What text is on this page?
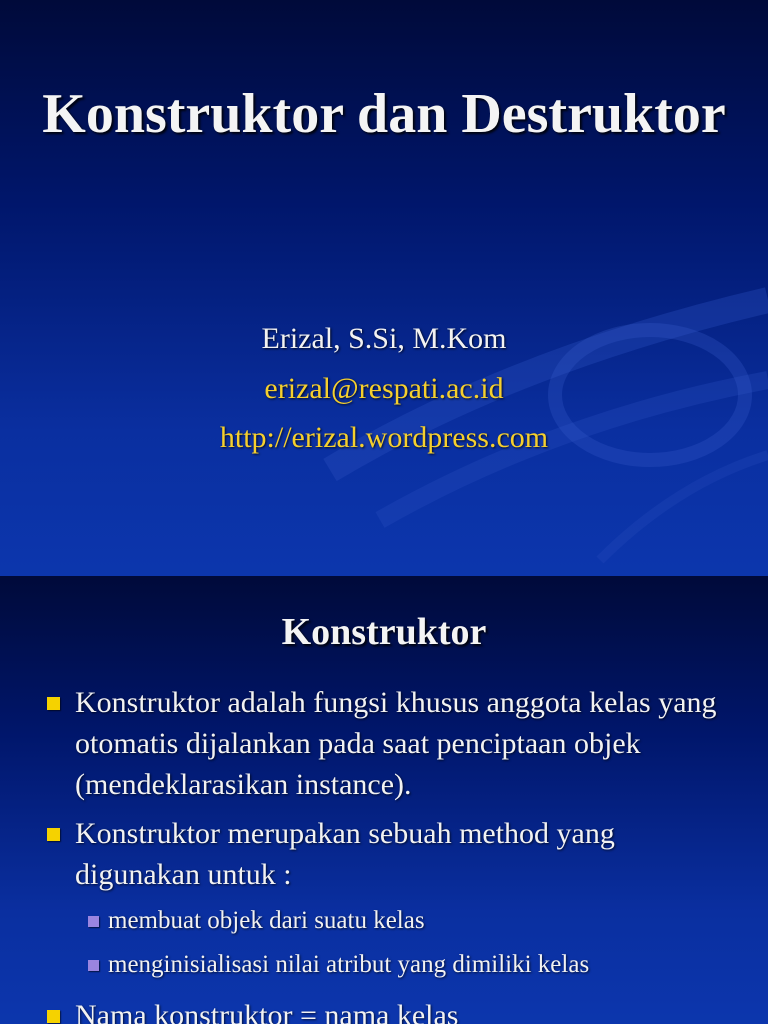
Konstruktor dan Destruktor
Erizal, S.Si, M.Kom
erizal@respati.ac.id
http://erizal.wordpress.com
Konstruktor
Konstruktor adalah fungsi khusus anggota kelas yang otomatis dijalankan pada saat penciptaan objek (mendeklarasikan instance).
Konstruktor merupakan sebuah method yang digunakan untuk :
membuat objek dari suatu kelas
menginisialisasi nilai atribut yang dimiliki kelas
Nama konstruktor = nama kelas
